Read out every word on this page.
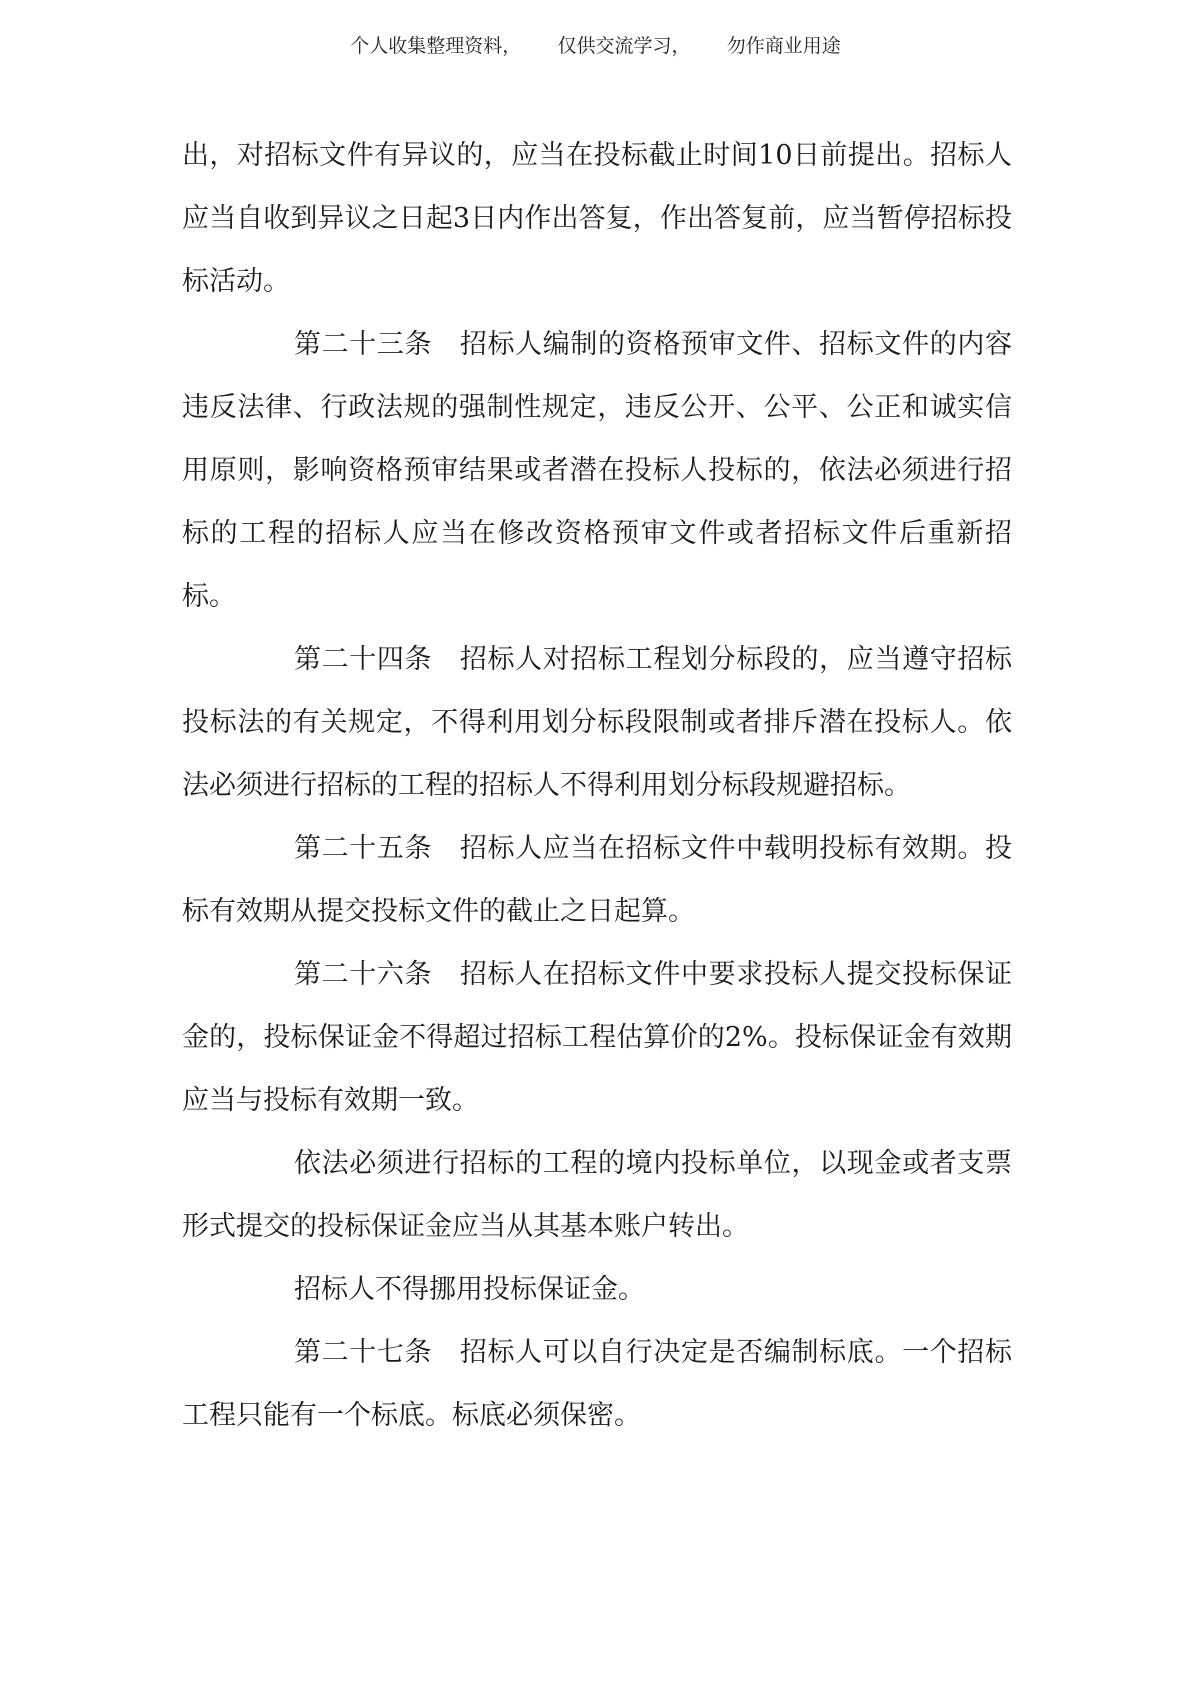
个人收集整理资料，      仅供交流学习，      勿作商业用途

出，对招标文件有异议的，应当在投标截止时间10日前提出。招标人应当自收到异议之日起3日内作出答复，作出答复前，应当暂停招标投标活动。

第二十三条　招标人编制的资格预审文件、招标文件的内容违反法律、行政法规的强制性规定，违反公开、公平、公正和诚实信用原则，影响资格预审结果或者潜在投标人投标的，依法必须进行招标的工程的招标人应当在修改资格预审文件或者招标文件后重新招标。

第二十四条　招标人对招标工程划分标段的，应当遵守招标投标法的有关规定，不得利用划分标段限制或者排斥潜在投标人。依法必须进行招标的工程的招标人不得利用划分标段规避招标。

第二十五条　招标人应当在招标文件中载明投标有效期。投标有效期从提交投标文件的截止之日起算。

第二十六条　招标人在招标文件中要求投标人提交投标保证金的，投标保证金不得超过招标工程估算价的2%。投标保证金有效期应当与投标有效期一致。

依法必须进行招标的工程的境内投标单位，以现金或者支票形式提交的投标保证金应当从其基本账户转出。

招标人不得挪用投标保证金。

第二十七条　招标人可以自行决定是否编制标底。一个招标工程只能有一个标底。标底必须保密。
